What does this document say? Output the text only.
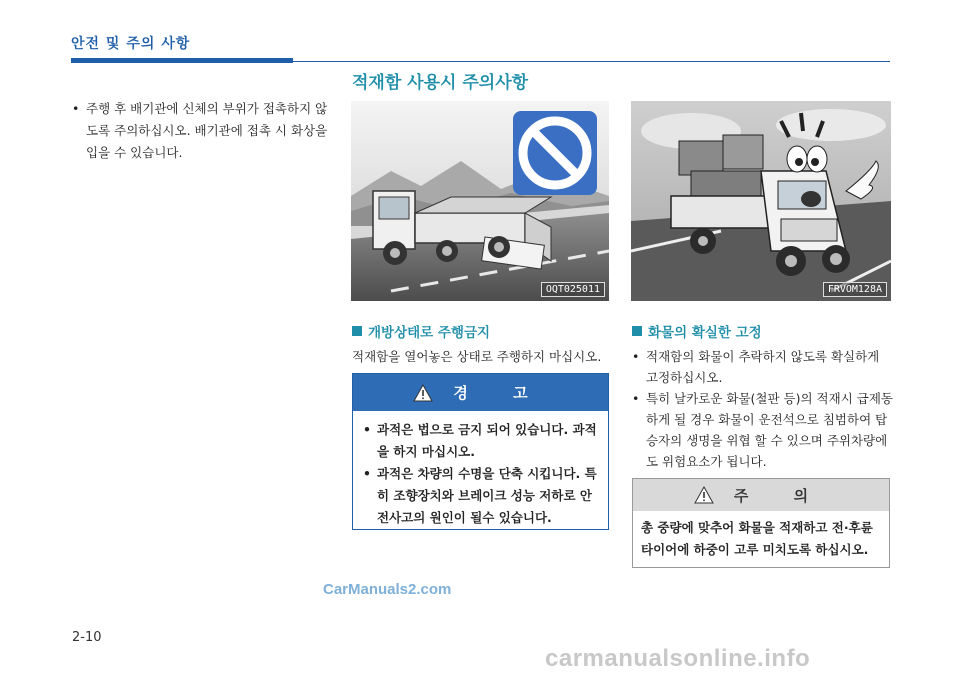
안전 및 주의 사항
적재함 사용시 주의사항
• 주행 후 배기관에 신체의 부위가 접촉하지 않도록 주의하십시오. 배기관에 접촉 시 화상을 입을 수 있습니다.
OQT025011	FRVOM128A
개방상태로 주행금지
적재함을 열어놓은 상태로 주행하지 마십시오.
경 고
• 과적은 법으로 금지 되어 있습니다. 과적을 하지 마십시오.
• 과적은 차량의 수명을 단축 시킵니다. 특히 조향장치와 브레이크 성능 저하로 안전사고의 원인이 될수 있습니다.
화물의 확실한 고정
• 적재함의 화물이 추락하지 않도록 확실하게 고정하십시오.
• 특히 날카로운 화물(철판 등)의 적재시 급제동하게 될 경우 화물이 운전석으로 침범하여 탑승자의 생명을 위협 할 수 있으며 주위차량에도 위험요소가 됩니다.
주 의
총 중량에 맞추어 화물을 적재하고 전·후륜 타이어에 하중이 고루 미치도록 하십시오.
CarManuals2.com
2-10
carmanualsonline.info
